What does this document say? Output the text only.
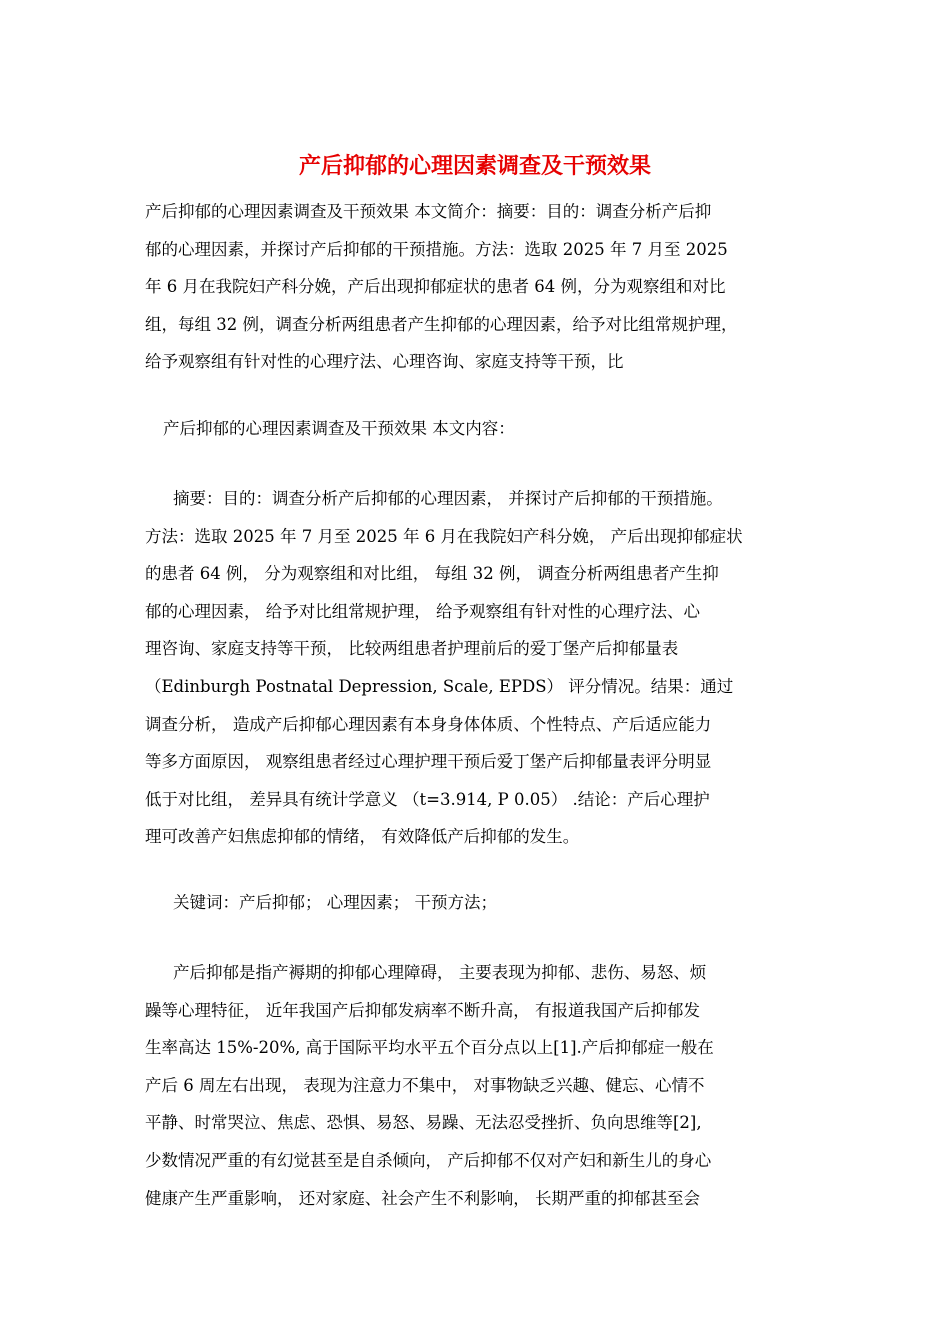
产后抑郁的心理因素调查及干预效果
产后抑郁的心理因素调查及干预效果 本文简介：摘要：目的：调查分析产后抑
郁的心理因素，并探讨产后抑郁的干预措施。方法：选取 2025 年 7 月至 2025
年 6 月在我院妇产科分娩，产后出现抑郁症状的患者 64 例，分为观察组和对比
组，每组 32 例，调查分析两组患者产生抑郁的心理因素，给予对比组常规护理，
给予观察组有针对性的心理疗法、心理咨询、家庭支持等干预，比
产后抑郁的心理因素调查及干预效果 本文内容：
摘要：目的：调查分析产后抑郁的心理因素， 并探讨产后抑郁的干预措施。
方法：选取 2025 年 7 月至 2025 年 6 月在我院妇产科分娩， 产后出现抑郁症状
的患者 64 例， 分为观察组和对比组， 每组 32 例， 调查分析两组患者产生抑
郁的心理因素， 给予对比组常规护理， 给予观察组有针对性的心理疗法、心
理咨询、家庭支持等干预， 比较两组患者护理前后的爱丁堡产后抑郁量表
（Edinburgh Postnatal Depression, Scale, EPDS） 评分情况。结果：通过
调查分析， 造成产后抑郁心理因素有本身身体体质、个性特点、产后适应能力
等多方面原因， 观察组患者经过心理护理干预后爱丁堡产后抑郁量表评分明显
低于对比组， 差异具有统计学意义 （t=3.914, P 0.05） .结论：产后心理护
理可改善产妇焦虑抑郁的情绪， 有效降低产后抑郁的发生。
关键词：产后抑郁； 心理因素； 干预方法；
产后抑郁是指产褥期的抑郁心理障碍， 主要表现为抑郁、悲伤、易怒、烦
躁等心理特征， 近年我国产后抑郁发病率不断升高， 有报道我国产后抑郁发
生率高达 15%-20%, 高于国际平均水平五个百分点以上[1].产后抑郁症一般在
产后 6 周左右出现， 表现为注意力不集中， 对事物缺乏兴趣、健忘、心情不
平静、时常哭泣、焦虑、恐惧、易怒、易躁、无法忍受挫折、负向思维等[2],
少数情况严重的有幻觉甚至是自杀倾向， 产后抑郁不仅对产妇和新生儿的身心
健康产生严重影响， 还对家庭、社会产生不利影响， 长期严重的抑郁甚至会
